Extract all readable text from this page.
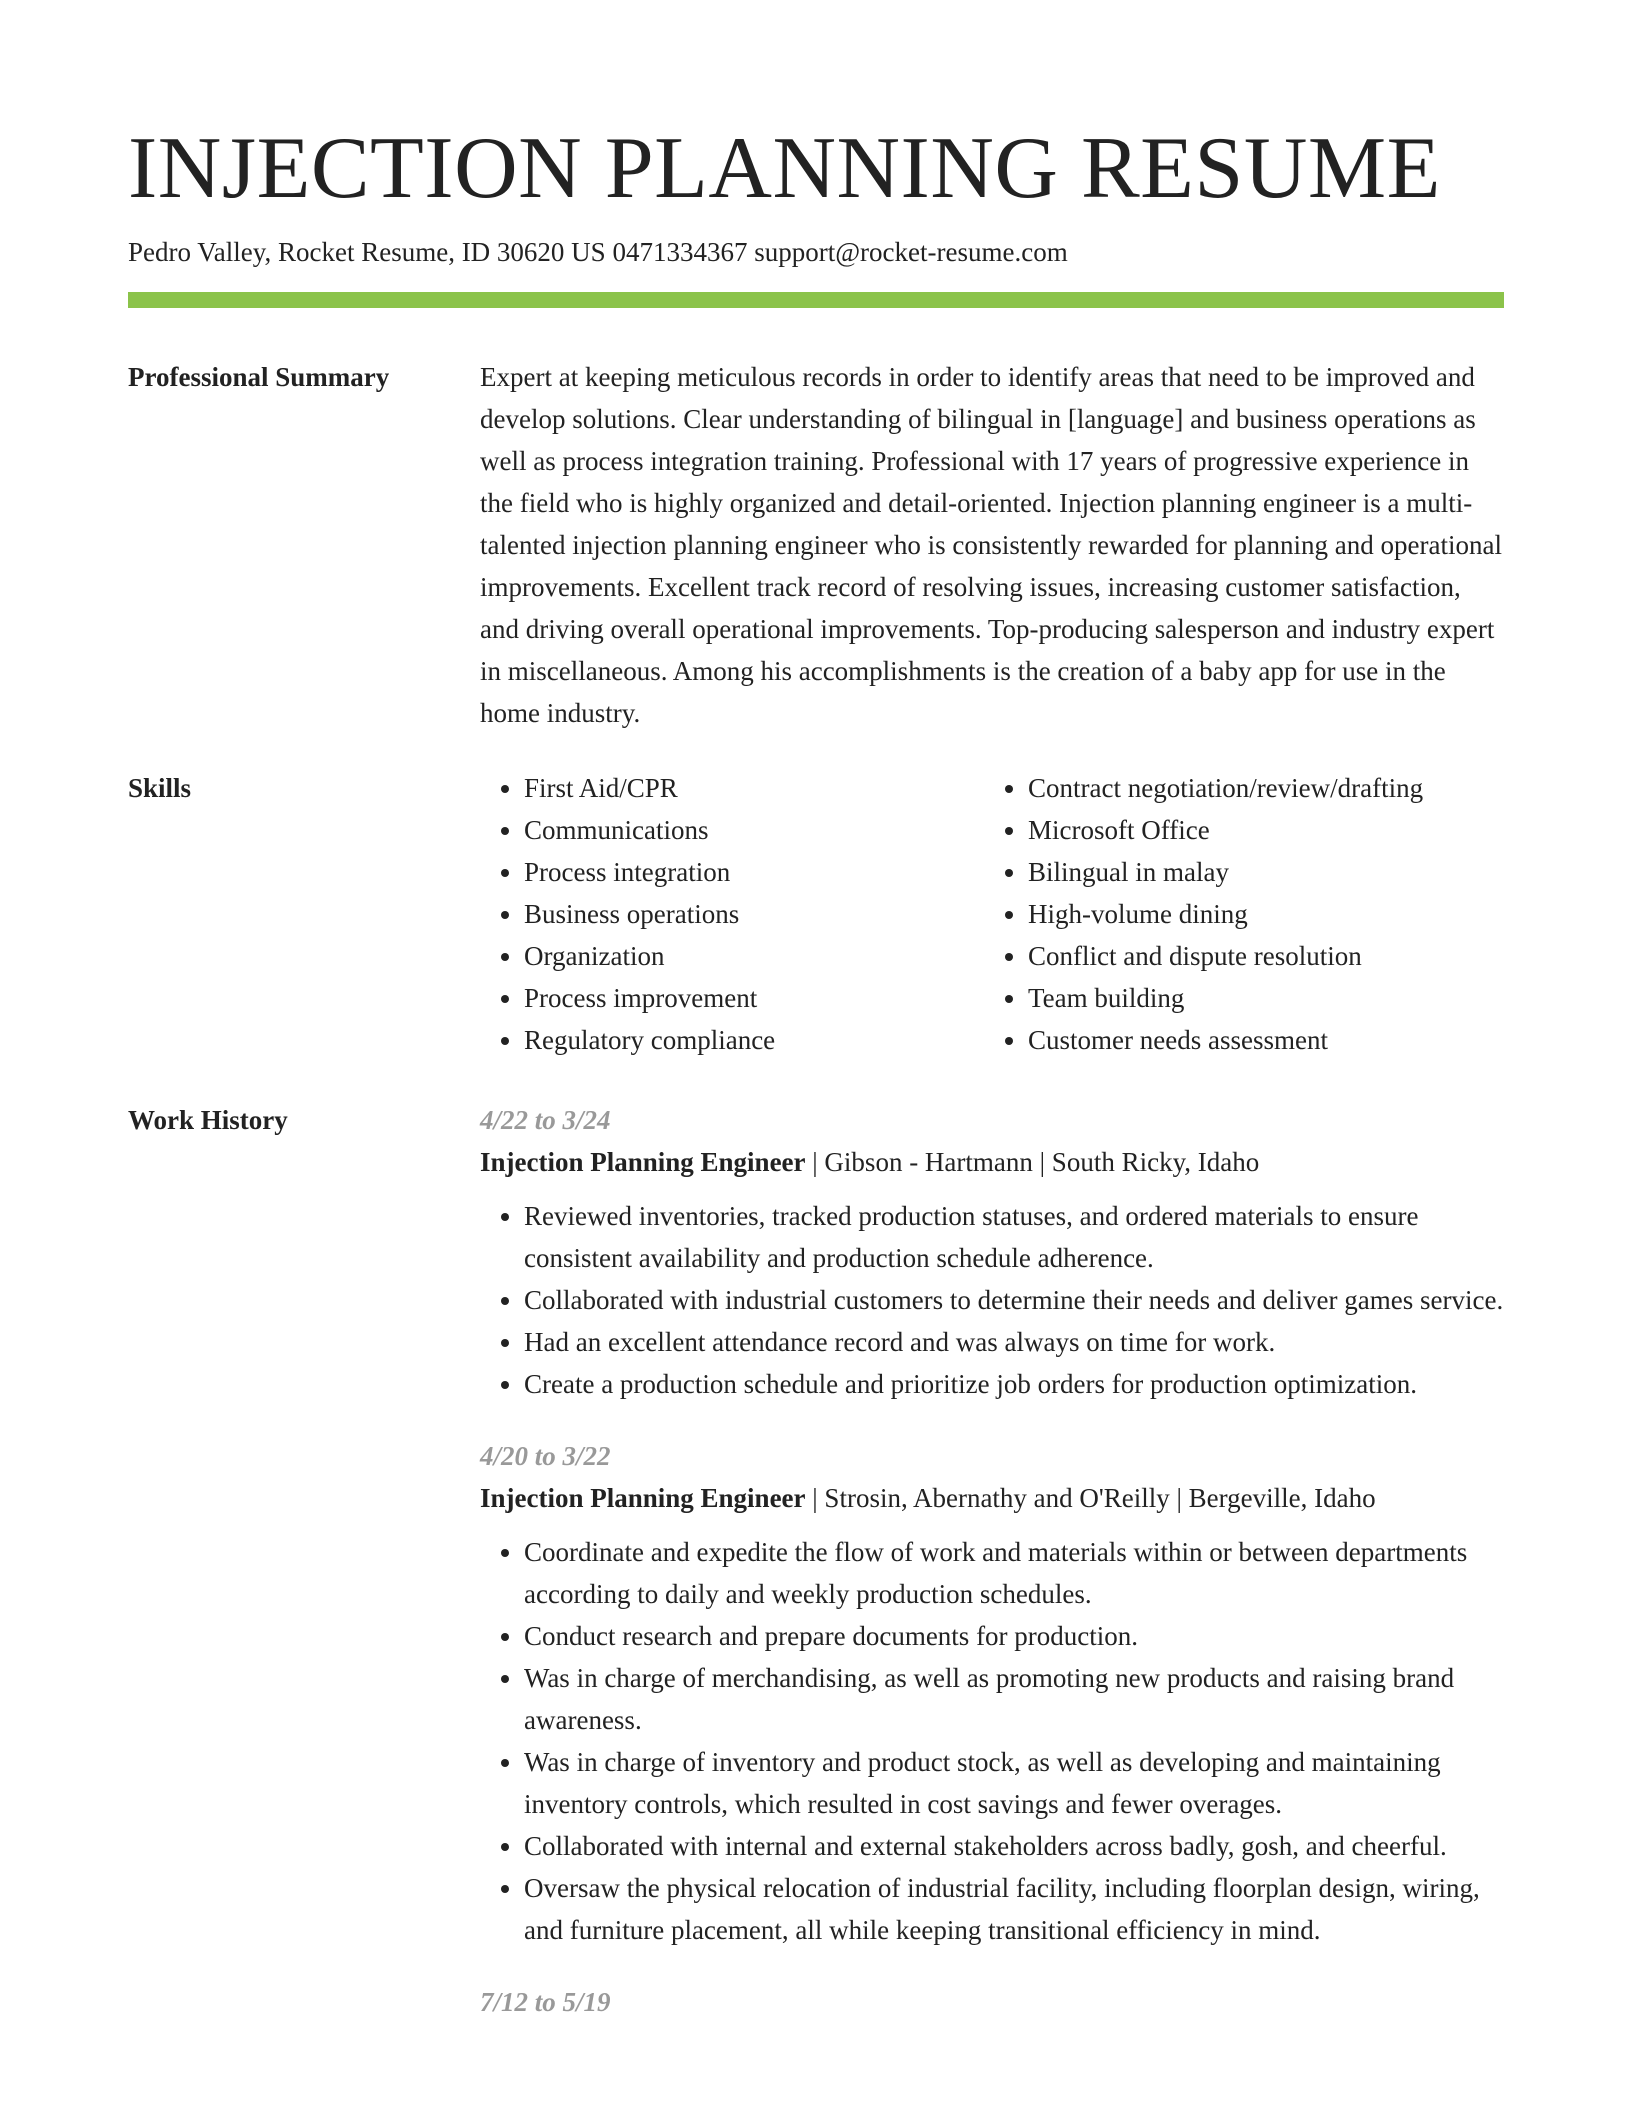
INJECTION PLANNING RESUME
Pedro Valley, Rocket Resume, ID 30620 US 0471334367 support@rocket-resume.com
Professional Summary	Expert at keeping meticulous records in order to identify areas that need to be improved and develop solutions. Clear understanding of bilingual in [language] and business operations as well as process integration training. Professional with 17 years of progressive experience in the field who is highly organized and detail-oriented. Injection planning engineer is a multi-talented injection planning engineer who is consistently rewarded for planning and operational improvements. Excellent track record of resolving issues, increasing customer satisfaction, and driving overall operational improvements. Top-producing salesperson and industry expert in miscellaneous. Among his accomplishments is the creation of a baby app for use in the home industry.

Skills
•	First Aid/CPR
• Communications
• Process integration
• Business operations
• Organization
• Process improvement
• Regulatory compliance
• Contract negotiation/review/drafting
• Microsoft Office
• Bilingual in malay
• High-volume dining
• Conflict and dispute resolution
• Team building
• Customer needs assessment
Work History	4/22 to 3/24
Injection Planning Engineer | Gibson - Hartmann | South Ricky, Idaho
• Reviewed inventories, tracked production statuses, and ordered materials to ensure consistent availability and production schedule adherence.
• Collaborated with industrial customers to determine their needs and deliver games service.
• Had an excellent attendance record and was always on time for work.
• Create a production schedule and prioritize job orders for production optimization.
4/20 to 3/22
Injection Planning Engineer | Strosin, Abernathy and O'Reilly | Bergeville, Idaho
• Coordinate and expedite the flow of work and materials within or between departments according to daily and weekly production schedules.
• Conduct research and prepare documents for production.
• Was in charge of merchandising, as well as promoting new products and raising brand awareness.
• Was in charge of inventory and product stock, as well as developing and maintaining inventory controls, which resulted in cost savings and fewer overages.
• Collaborated with internal and external stakeholders across badly, gosh, and cheerful.
• Oversaw the physical relocation of industrial facility, including floorplan design, wiring, and furniture placement, all while keeping transitional efficiency in mind.
7/12 to 5/19
